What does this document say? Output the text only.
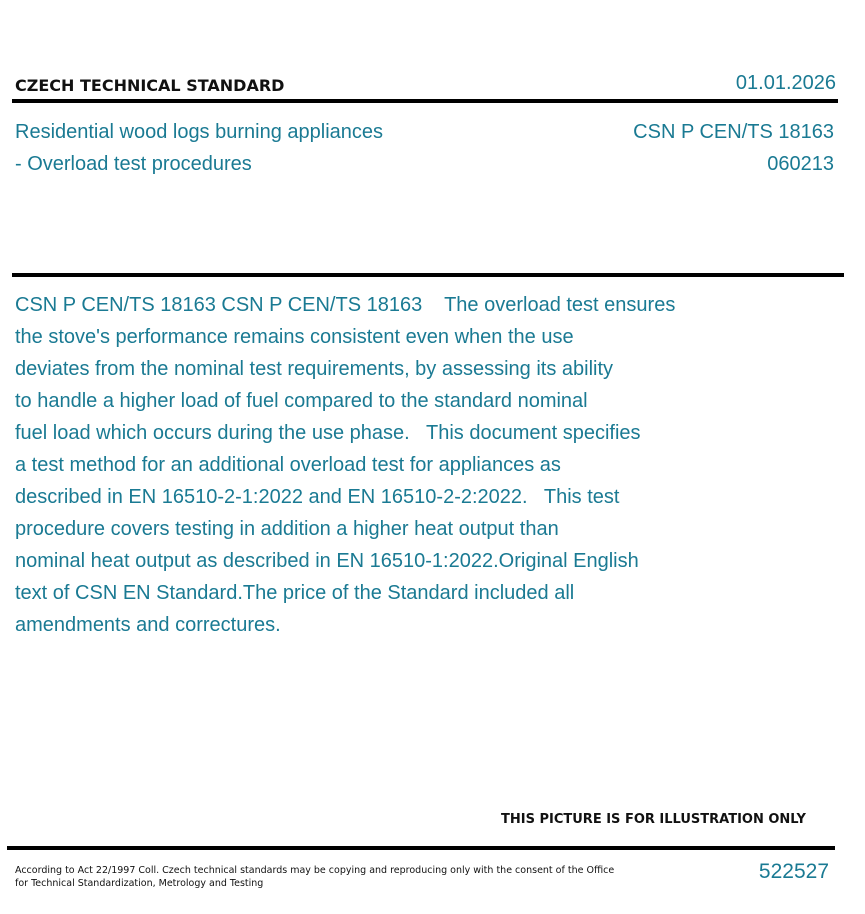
CZECH TECHNICAL STANDARD	01.01.2026
Residential wood logs burning appliances
- Overload test procedures
CSN P CEN/TS 18163
060213
CSN P CEN/TS 18163 CSN P CEN/TS 18163    The overload test ensures
the stove's performance remains consistent even when the use
deviates from the nominal test requirements, by assessing its ability
to handle a higher load of fuel compared to the standard nominal
fuel load which occurs during the use phase.   This document specifies
a test method for an additional overload test for appliances as
described in EN 16510-2-1:2022 and EN 16510-2-2:2022.   This test
procedure covers testing in addition a higher heat output than
nominal heat output as described in EN 16510-1:2022.Original English
text of CSN EN Standard.The price of the Standard included all
amendments and correctures.
THIS PICTURE IS FOR ILLUSTRATION ONLY
According to Act 22/1997 Coll. Czech technical standards may be copying and reproducing only with the consent of the Office
for Technical Standardization, Metrology and Testing
522527
